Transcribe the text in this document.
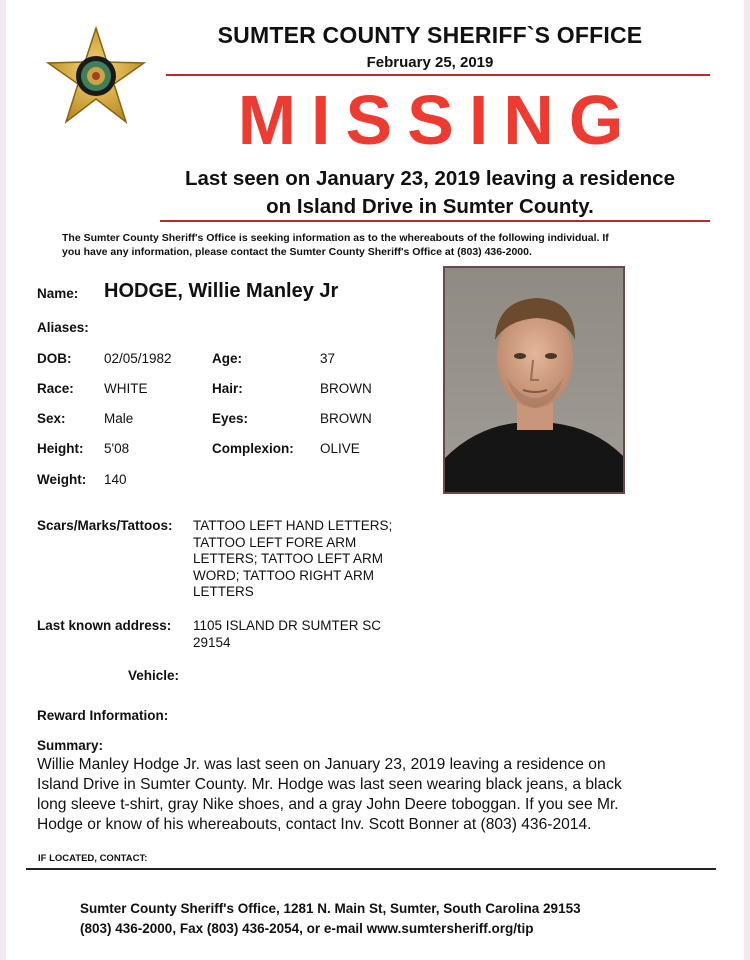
SUMTER COUNTY SHERIFF`S OFFICE
February 25, 2019
MISSING
Last seen on January 23, 2019 leaving a residence
on Island Drive in Sumter County.
The Sumter County Sheriff's Office is seeking information as to the whereabouts of the following individual. If
you have any information, please contact the Sumter County Sheriff's Office at (803) 436-2000.
Name: HODGE, Willie Manley Jr
Aliases:
DOB: 02/05/1982	Age:	37
Race: WHITE	Hair:	BROWN
Sex:	Male	Eyes:	BROWN
Height: 5'08	Complexion: OLIVE
Weight: 140
Scars/Marks/Tattoos: TATTOO LEFT HAND LETTERS;
TATTOO LEFT FORE ARM
LETTERS; TATTOO LEFT ARM
WORD; TATTOO RIGHT ARM
LETTERS
Last known address: 1105 ISLAND DR SUMTER SC
29154
Vehicle:
Reward Information:
Summary:
Willie Manley Hodge Jr. was last seen on January 23, 2019 leaving a residence on
Island Drive in Sumter County. Mr. Hodge was last seen wearing black jeans, a black
long sleeve t-shirt, gray Nike shoes, and a gray John Deere toboggan. If you see Mr.
Hodge or know of his whereabouts, contact Inv. Scott Bonner at (803) 436-2014.
IF LOCATED, CONTACT:
Sumter County Sheriff's Office, 1281 N. Main St, Sumter, South Carolina 29153
(803) 436-2000, Fax (803) 436-2054, or e-mail www.sumtersheriff.org/tip
